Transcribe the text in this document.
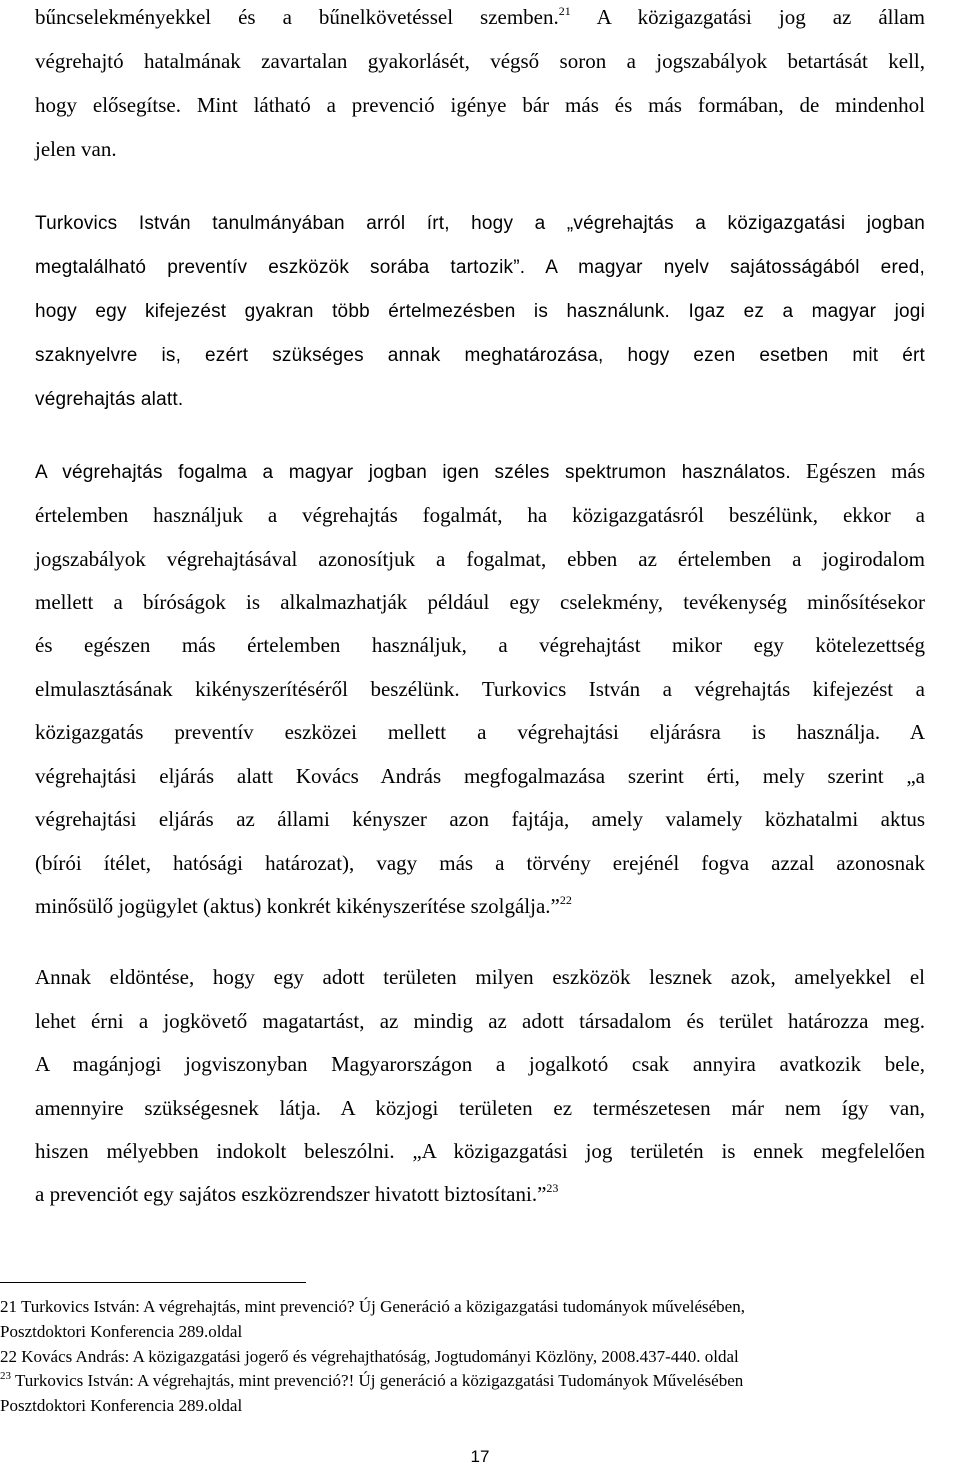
bűncselekményekkel és a bűnelkövetéssel szemben.$^{21}$ A közigazgatási jog az állam
végrehajtó hatalmának zavartalan gyakorlásét, végső soron a jogszabályok betartását kell,
hogy elősegítse. Mint látható a prevenció igénye bár más és más formában, de mindenhol
jelen van.
Turkovics István tanulmányában arról írt, hogy a „végrehajtás a közigazgatási jogban
megtalálható preventív eszközök sorába tartozik”. A magyar nyelv sajátosságából ered,
hogy egy kifejezést gyakran több értelmezésben is használunk. Igaz ez a magyar jogi
szaknyelvre is, ezért szükséges annak meghatározása, hogy ezen esetben mit ért
végrehajtás alatt.
A végrehajtás fogalma a magyar jogban igen széles spektrumon használatos. Egészen más
értelemben használjuk a végrehajtás fogalmát, ha közigazgatásról beszélünk, ekkor a
jogszabályok végrehajtásával azonosítjuk a fogalmat, ebben az értelemben a jogirodalom
mellett a bíróságok is alkalmazhatják például egy cselekmény, tevékenység minősítésekor
és egészen más értelemben használjuk, a végrehajtást mikor egy kötelezettség
elmulasztásának kikényszerítéséről beszélünk. Turkovics István a végrehajtás kifejezést a
közigazgatás preventív eszközei mellett a végrehajtási eljárásra is használja. A
végrehajtási eljárás alatt Kovács András megfogalmazása szerint érti, mely szerint „a
végrehajtási eljárás az állami kényszer azon fajtája, amely valamely közhatalmi aktus
(bírói ítélet, hatósági határozat), vagy más a törvény erejénél fogva azzal azonosnak
minősülő jogügylet (aktus) konkrét kikényszerítése szolgálja.”$^{22}$
Annak eldöntése, hogy egy adott területen milyen eszközök lesznek azok, amelyekkel el
lehet érni a jogkövető magatartást, az mindig az adott társadalom és terület határozza meg.
A magánjogi jogviszonyban Magyarországon a jogalkotó csak annyira avatkozik bele,
amennyire szükségesnek látja. A közjogi területen ez természetesen már nem így van,
hiszen mélyebben indokolt beleszólni. „A közigazgatási jog területén is ennek megfelelően
a prevenciót egy sajátos eszközrendszer hivatott biztosítani.”$^{23}$
21 Turkovics István: A végrehajtás, mint prevenció? Új Generáció a közigazgatási tudományok művelésében,
Posztdoktori Konferencia 289.oldal
22 Kovács András: A közigazgatási jogerő és végrehajthatóság, Jogtudományi Közlöny, 2008.437-440. oldal
$^{23}$ Turkovics István: A végrehajtás, mint prevenció?! Új generáció a közigazgatási Tudományok Művelésében
Posztdoktori Konferencia 289.oldal
17
